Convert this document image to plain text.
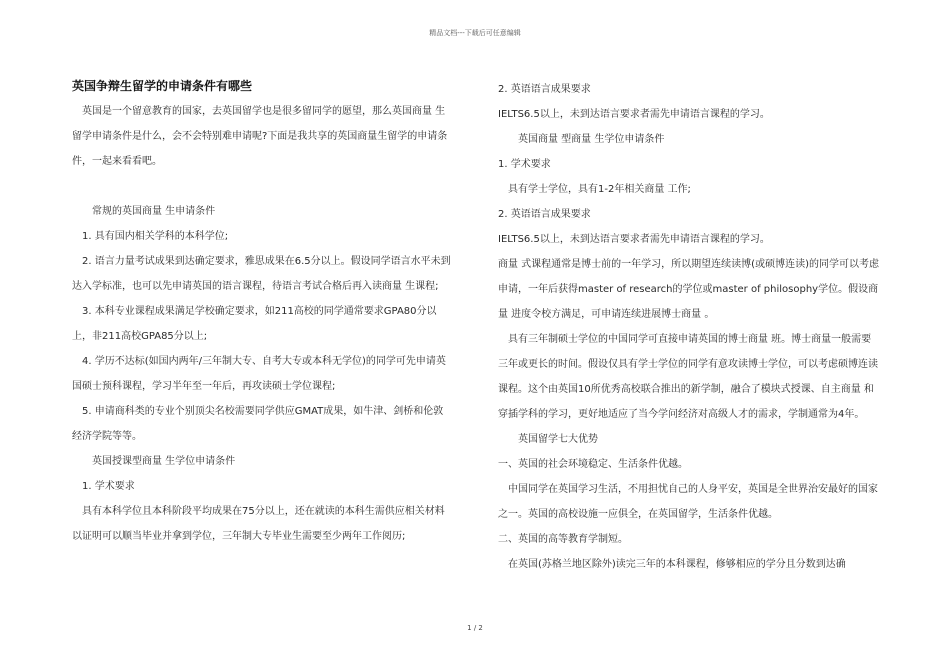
精品文档---下载后可任意编辑
英国争辩生留学的申请条件有哪些

英国是一个留意教育的国家，去英国留学也是很多留同学的愿望，那么英国商量 生留学申请条件是什么，会不会特别难申请呢?下面是我共享的英国商量生留学的申请条件，一起来看看吧。

常规的英国商量 生申请条件

1. 具有国内相关学科的本科学位;

2. 语言力量考试成果到达确定要求，雅思成果在6.5分以上。假设同学语言水平未到达入学标准，也可以先申请英国的语言课程，待语言考试合格后再入读商量 生课程;

3. 本科专业课程成果满足学校确定要求，如211高校的同学通常要求GPA80分以上，非211高校GPA85分以上;

4. 学历不达标(如国内两年/三年制大专、自考大专或本科无学位)的同学可先申请英国硕士预科课程，学习半年至一年后，再攻读硕士学位课程;

5. 申请商科类的专业个别顶尖名校需要同学供应GMAT成果，如牛津、剑桥和伦敦经济学院等等。

英国授课型商量 生学位申请条件

1. 学术要求

具有本科学位且本科阶段平均成果在75分以上，还在就读的本科生需供应相关材料以证明可以顺当毕业并拿到学位，三年制大专毕业生需要至少两年工作阅历;

2. 英语语言成果要求

IELTS6.5以上，未到达语言要求者需先申请语言课程的学习。

英国商量 型商量 生学位申请条件

1. 学术要求

具有学士学位，具有1-2年相关商量 工作;

2. 英语语言成果要求

IELTS6.5以上，未到达语言要求者需先申请语言课程的学习。

商量 式课程通常是博士前的一年学习，所以期望连续读博(或硕博连读)的同学可以考虑申请，一年后获得master of research的学位或master of philosophy学位。假设商量 进度令校方满足，可申请连续进展博士商量 。

具有三年制硕士学位的中国同学可直接申请英国的博士商量 班。博士商量一般需要三年或更长的时间。假设仅具有学士学位的同学有意攻读博士学位，可以考虑硕博连读课程。这个由英国10所优秀高校联合推出的新学制，融合了模块式授课、自主商量 和穿插学科的学习，更好地适应了当今学问经济对高级人才的需求，学制通常为4年。

英国留学七大优势

一、英国的社会环境稳定、生活条件优越。

中国同学在英国学习生活，不用担忧自己的人身平安，英国是全世界治安最好的国家之一。英国的高校设施一应俱全，在英国留学，生活条件优越。

二、英国的高等教育学制短。

在英国(苏格兰地区除外)读完三年的本科课程，修够相应的学分且分数到达确

1 / 2
